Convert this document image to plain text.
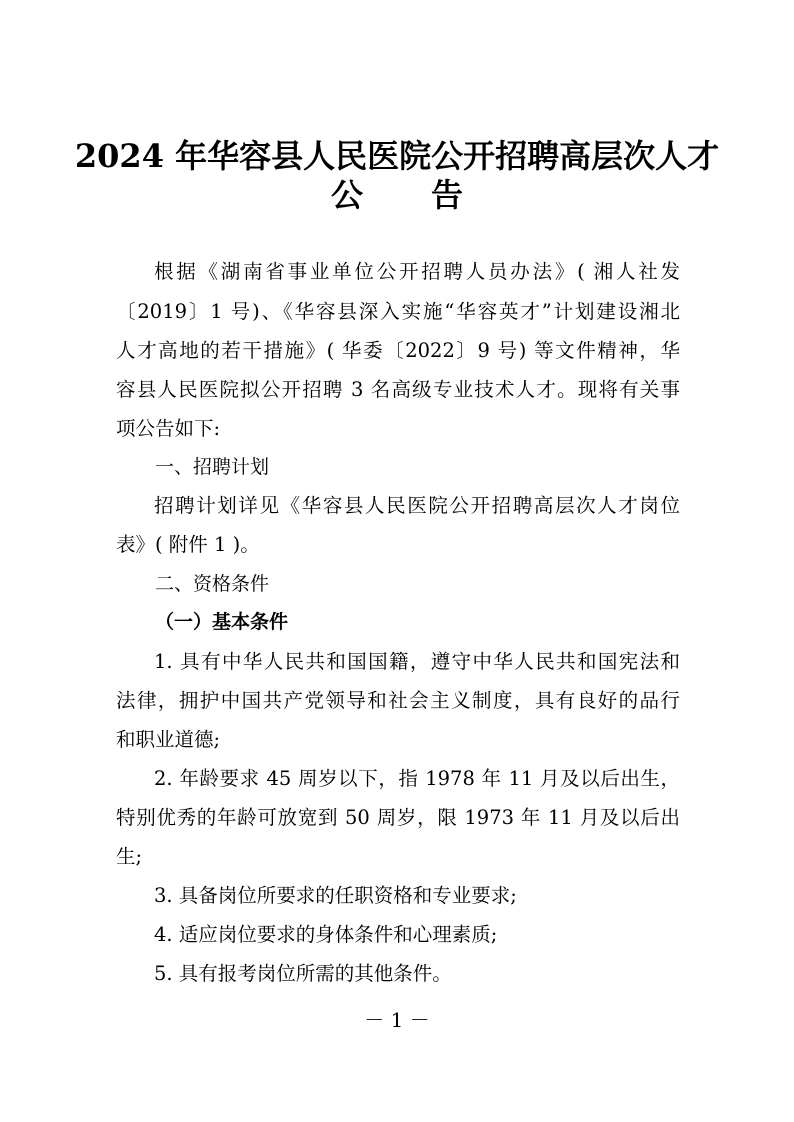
2024 年华容县人民医院公开招聘高层次人才
公告
根据《湖南省事业单位公开招聘人员办法》( 湘人社发
〔2019〕1 号)、《华容县深入实施“华容英才”计划建设湘北
人才高地的若干措施》( 华委〔2022〕9 号) 等文件精神，华
容县人民医院拟公开招聘 3 名高级专业技术人才。现将有关事
项公告如下:
一、招聘计划
招聘计划详见《华容县人民医院公开招聘高层次人才岗位
表》( 附件 1 )。
二、资格条件
（一）基本条件
1. 具有中华人民共和国国籍，遵守中华人民共和国宪法和
法律，拥护中国共产党领导和社会主义制度，具有良好的品行
和职业道德;
2. 年龄要求 45 周岁以下，指 1978 年 11 月及以后出生，
特别优秀的年龄可放宽到 50 周岁，限 1973 年 11 月及以后出
生;
3. 具备岗位所要求的任职资格和专业要求;
4. 适应岗位要求的身体条件和心理素质;
5. 具有报考岗位所需的其他条件。
－ 1 －
